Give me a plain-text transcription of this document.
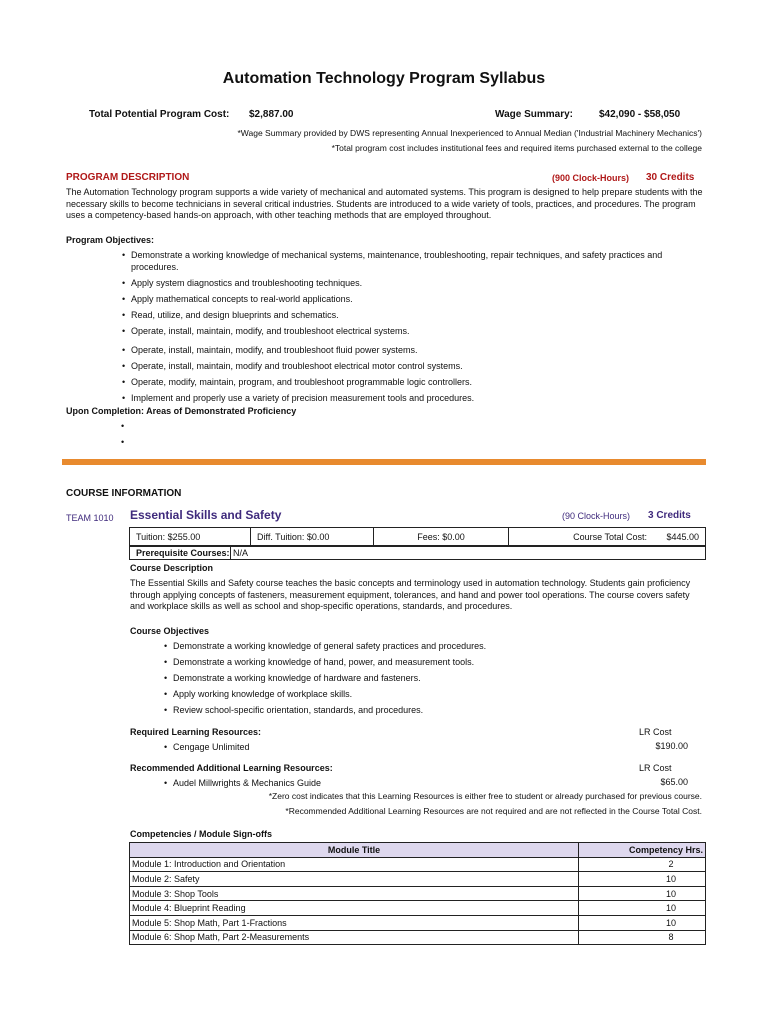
Automation Technology Program Syllabus
Total Potential Program Cost: $2,887.00	Wage Summary:	$42,090 - $58,050
*Wage Summary provided by DWS representing Annual Inexperienced to Annual Median ('Industrial Machinery Mechanics')
*Total program cost includes institutional fees and required items purchased external to the college
PROGRAM DESCRIPTION	(900 Clock-Hours) 30 Credits
The Automation Technology program supports a wide variety of mechanical and automated systems. This program is designed to help prepare students with the necessary skills to become technicians in several critical industries. Students are introduced to a wide variety of tools, practices, and procedures. The program uses a competency-based hands-on approach, with other teaching methods that are employed throughout.
Program Objectives:
• Demonstrate a working knowledge of mechanical systems, maintenance, troubleshooting, repair techniques, and safety practices and procedures.
• Apply system diagnostics and troubleshooting techniques.
• Apply mathematical concepts to real-world applications.
• Read, utilize, and design blueprints and schematics.
• Operate, install, maintain, modify, and troubleshoot electrical systems.
• Operate, install, maintain, modify, and troubleshoot fluid power systems.
• Operate, install, maintain, modify and troubleshoot electrical motor control systems.
• Operate, modify, maintain, program, and troubleshoot programmable logic controllers.
• Implement and properly use a variety of precision measurement tools and procedures.
Upon Completion: Areas of Demonstrated Proficiency
•
•
COURSE INFORMATION
TEAM 1010 Essential Skills and Safety	(90 Clock-Hours) 3 Credits
Tuition: $255.00	Diff. Tuition: $0.00	Fees: $0.00	Course Total Cost: $445.00
Prerequisite Courses:	N/A
Course Description
The Essential Skills and Safety course teaches the basic concepts and terminology used in automation technology. Students gain proficiency through applying concepts of fasteners, measurement equipment, tolerances, and hand and power tool operations. The course covers safety and workplace skills as well as school and shop-specific operations, standards, and procedures.
Course Objectives
• Demonstrate a working knowledge of general safety practices and procedures.
• Demonstrate a working knowledge of hand, power, and measurement tools.
• Demonstrate a working knowledge of hardware and fasteners.
• Apply working knowledge of workplace skills.
• Review school-specific orientation, standards, and procedures.
Required Learning Resources:	LR Cost
• Cengage Unlimited	$190.00
Recommended Additional Learning Resources:	LR Cost
• Audel Millwrights & Mechanics Guide	$65.00
*Zero cost indicates that this Learning Resources is either free to student or already purchased for previous course.
*Recommended Additional Learning Resources are not required and are not reflected in the Course Total Cost.
Competencies / Module Sign-offs
Module Title	Competency Hrs.
Module 1: Introduction and Orientation	2
Module 2: Safety	10
Module 3: Shop Tools	10
Module 4: Blueprint Reading	10
Module 5: Shop Math, Part 1-Fractions	10
Module 6: Shop Math, Part 2-Measurements	8
